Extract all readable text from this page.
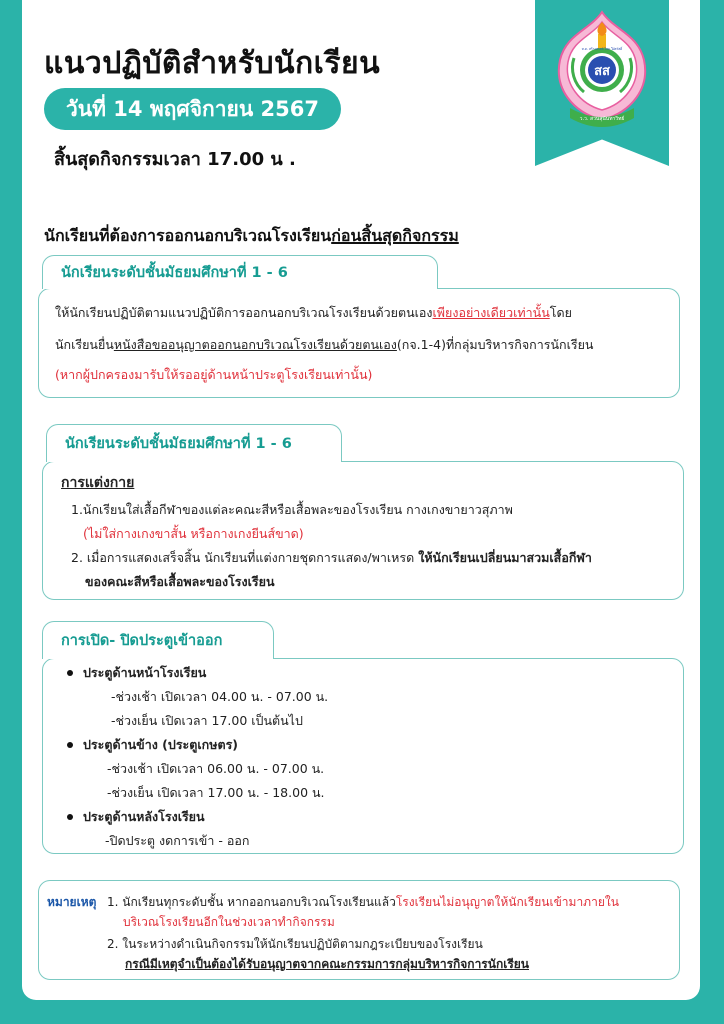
แนวปฏิบัติสำหรับนักเรียน
วันที่ 14 พฤศจิกายน 2567
สิ้นสุดกิจกรรมเวลา 17.00 น .
สส
ว.ว. สวนสุนันทาวิทย์
ท.ต. สร้างสรรค์ ไทย ใฝ่สวัสดิ์
นักเรียนที่ต้องการออกนอกบริเวณโรงเรียนก่อนสิ้นสุดกิจกรรม
นักเรียนระดับชั้นมัธยมศึกษาที่ 1 - 6
ให้นักเรียนปฏิบัติตามแนวปฏิบัติการออกนอกบริเวณโรงเรียนด้วยตนเองเพียงอย่างเดียวเท่านั้นโดย
นักเรียนยื่นหนังสือขออนุญาตออกนอกบริเวณโรงเรียนด้วยตนเอง(กจ.1-4)ที่กลุ่มบริหารกิจการนักเรียน
(หากผู้ปกครองมารับให้รออยู่ด้านหน้าประตูโรงเรียนเท่านั้น)
นักเรียนระดับชั้นมัธยมศึกษาที่ 1 - 6
การแต่งกาย
1.นักเรียนใส่เสื้อกีฬาของแต่ละคณะสีหรือเสื้อพละของโรงเรียน กางเกงขายาวสุภาพ
(ไม่ใส่กางเกงขาสั้น หรือกางเกงยีนส์ขาด)
2. เมื่อการแสดงเสร็จสิ้น นักเรียนที่แต่งกายชุดการแสดง/พาเหรด ให้นักเรียนเปลี่ยนมาสวมเสื้อกีฬา
ของคณะสีหรือเสื้อพละของโรงเรียน
การเปิด- ปิดประตูเข้าออก
ประตูด้านหน้าโรงเรียน
-ช่วงเช้า เปิดเวลา 04.00 น. - 07.00 น.
-ช่วงเย็น เปิดเวลา 17.00 เป็นต้นไป
ประตูด้านข้าง (ประตูเกษตร)
-ช่วงเช้า เปิดเวลา 06.00 น. - 07.00 น.
-ช่วงเย็น เปิดเวลา 17.00 น. - 18.00 น.
ประตูด้านหลังโรงเรียน
-ปิดประตู งดการเข้า - ออก
หมายเหตุ 1. นักเรียนทุกระดับชั้น หากออกนอกบริเวณโรงเรียนแล้วโรงเรียนไม่อนุญาตให้นักเรียนเข้ามาภายใน
บริเวณโรงเรียนอีกในช่วงเวลาทำกิจกรรม
2. ในระหว่างดำเนินกิจกรรมให้นักเรียนปฏิบัติตามกฎระเบียบของโรงเรียน
กรณีมีเหตุจำเป็นต้องได้รับอนุญาตจากคณะกรรมการกลุ่มบริหารกิจการนักเรียน
